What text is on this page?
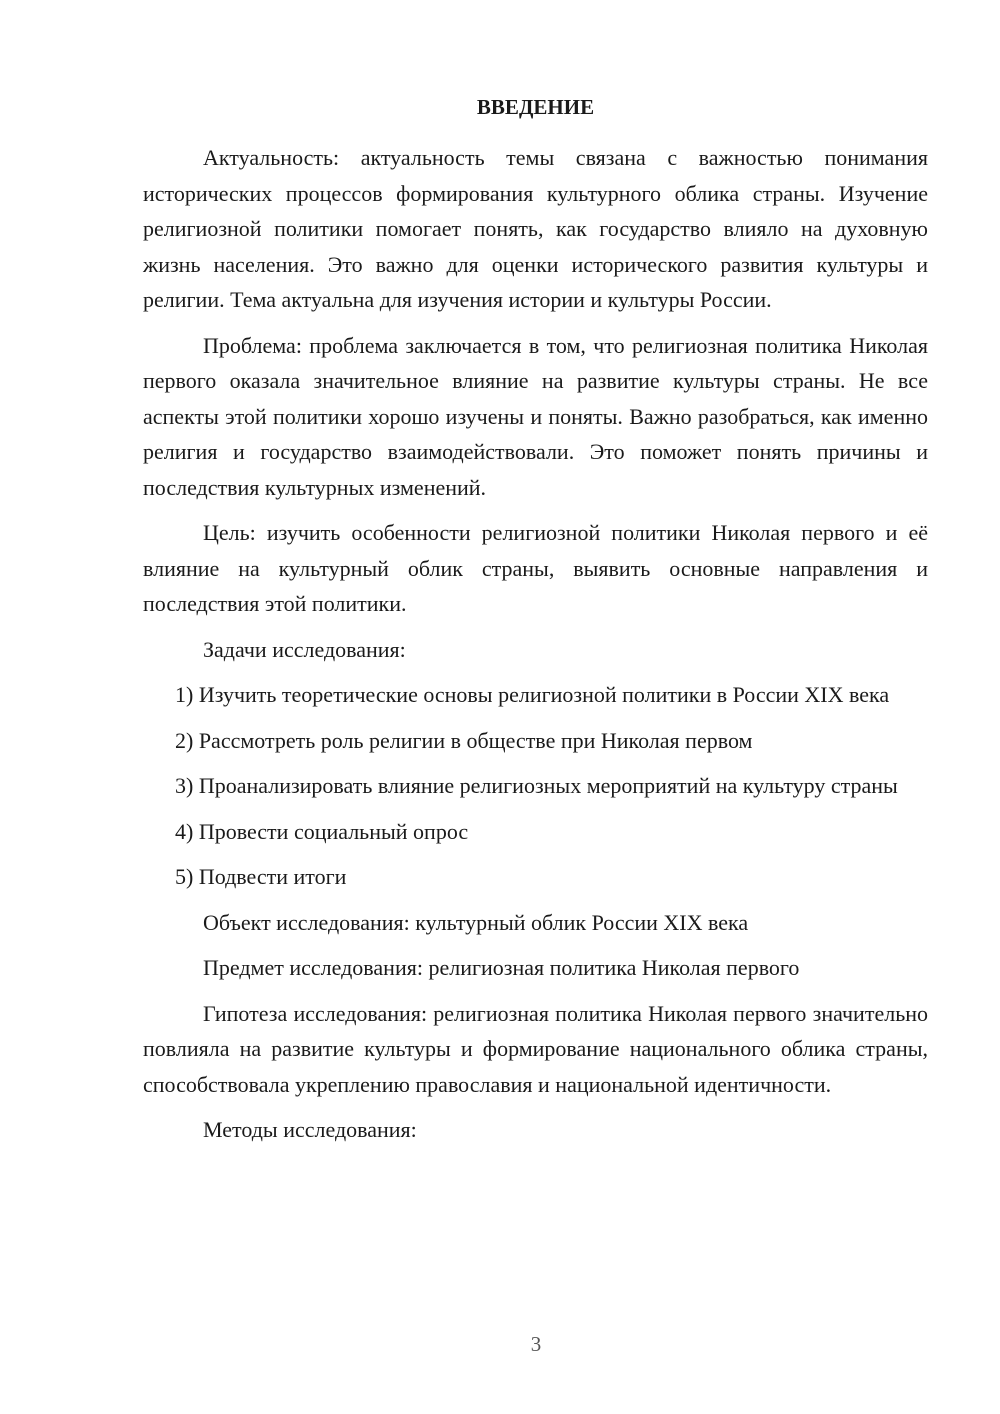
ВВЕДЕНИЕ

Актуальность: актуальность темы связана с важностью понимания исторических процессов формирования культурного облика страны. Изучение религиозной политики помогает понять, как государство влияло на духовную жизнь населения. Это важно для оценки исторического развития культуры и религии. Тема актуальна для изучения истории и культуры России.

Проблема: проблема заключается в том, что религиозная политика Николая первого оказала значительное влияние на развитие культуры страны. Не все аспекты этой политики хорошо изучены и поняты. Важно разобраться, как именно религия и государство взаимодействовали. Это поможет понять причины и последствия культурных изменений.

Цель: изучить особенности религиозной политики Николая первого и её влияние на культурный облик страны, выявить основные направления и последствия этой политики.

Задачи исследования:

1) Изучить теоретические основы религиозной политики в России XIX века

2) Рассмотреть роль религии в обществе при Николая первом

3) Проанализировать влияние религиозных мероприятий на культуру страны

4) Провести социальный опрос

5) Подвести итоги

Объект исследования: культурный облик России XIX века

Предмет исследования: религиозная политика Николая первого

Гипотеза исследования: религиозная политика Николая первого значительно повлияла на развитие культуры и формирование национального облика страны, способствовала укреплению православия и национальной идентичности.

Методы исследования:

3
